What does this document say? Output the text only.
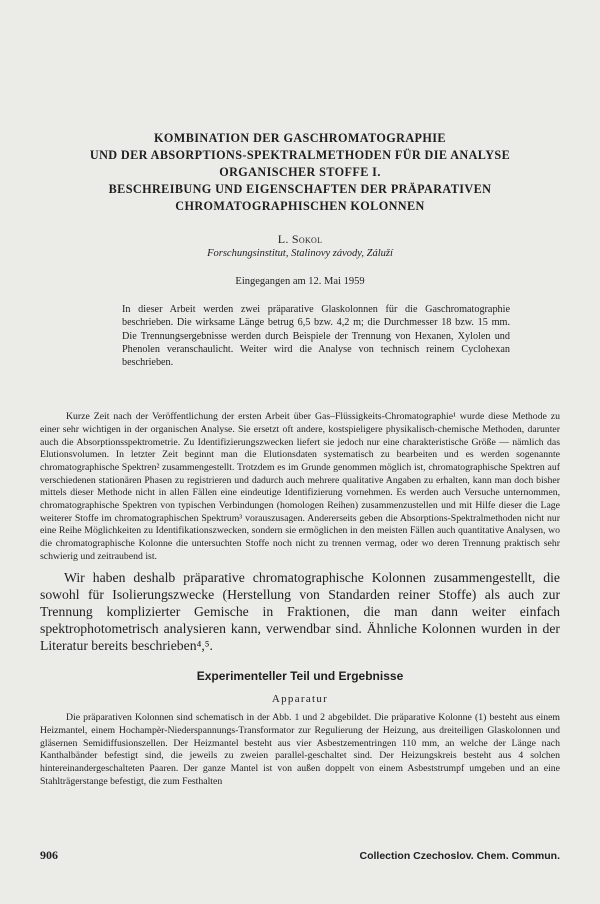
KOMBINATION DER GASCHROMATOGRAPHIE
UND DER ABSORPTIONS-SPEKTRALMETHODEN FÜR DIE ANALYSE
ORGANISCHER STOFFE I.
BESCHREIBUNG UND EIGENSCHAFTEN DER PRÄPARATIVEN
CHROMATOGRAPHISCHEN KOLONNEN
L. Sokol
Forschungsinstitut, Stalinovy závody, Záluží
Eingegangen am 12. Mai 1959

In dieser Arbeit werden zwei präparative Glaskolonnen für die Gaschromatographie beschrieben. Die wirksame Länge betrug 6,5 bzw. 4,2 m; die Durchmesser 18 bzw. 15 mm. Die Trennungsergebnisse werden durch Beispiele der Trennung von Hexanen, Xylolen und Phenolen veranschaulicht. Weiter wird die Analyse von technisch reinem Cyclohexan beschrieben.

Kurze Zeit nach der Veröffentlichung der ersten Arbeit über Gas–Flüssigkeits-Chromatographie¹ wurde diese Methode zu einer sehr wichtigen in der organischen Analyse. Sie ersetzt oft andere, kostspieligere physikalisch-chemische Methoden, darunter auch die Absorptionsspektrometrie. Zu Identifizierungszwecken liefert sie jedoch nur eine charakteristische Größe — nämlich das Elutionsvolumen. In letzter Zeit beginnt man die Elutionsdaten systematisch zu bearbeiten und es werden sogenannte chromatographische Spektren² zusammengestellt. Trotzdem es im Grunde genommen möglich ist, chromatographische Spektren auf verschiedenen stationären Phasen zu registrieren und dadurch auch mehrere qualitative Angaben zu erhalten, kann man doch bisher mittels dieser Methode nicht in allen Fällen eine eindeutige Identifizierung vornehmen. Es werden auch Versuche unternommen, chromatographische Spektren von typischen Verbindungen (homologen Reihen) zusammenzustellen und mit Hilfe dieser die Lage weiterer Stoffe im chromatographischen Spektrum³ vorauszusagen. Andererseits geben die Absorptions-Spektralmethoden nicht nur eine Reihe Möglichkeiten zu Identifikationszwecken, sondern sie ermöglichen in den meisten Fällen auch quantitative Analysen, wo die chromatographische Kolonne die untersuchten Stoffe noch nicht zu trennen vermag, oder wo deren Trennung praktisch sehr schwierig und zeitraubend ist.

Wir haben deshalb präparative chromatographische Kolonnen zusammengestellt, die sowohl für Isolierungszwecke (Herstellung von Standarden reiner Stoffe) als auch zur Trennung komplizierter Gemische in Fraktionen, die man dann weiter einfach spektrophotometrisch analysieren kann, verwendbar sind. Ähnliche Kolonnen wurden in der Literatur bereits beschrieben⁴,⁵.

Experimenteller Teil und Ergebnisse
Apparatur

Die präparativen Kolonnen sind schematisch in der Abb. 1 und 2 abgebildet. Die präparative Kolonne (1) besteht aus einem Heizmantel, einem Hochampèr-Niederspannungs-Transformator zur Regulierung der Heizung, aus dreiteiligen Glaskolonnen und gläsernen Semidiffusionszellen. Der Heizmantel besteht aus vier Asbestzementringen 110 mm, an welche der Länge nach Kanthalbänder befestigt sind, die jeweils zu zweien parallel-geschaltet sind. Der Heizungskreis besteht aus 4 solchen hintereinandergeschalteten Paaren. Der ganze Mantel ist von außen doppelt von einem Asbeststrumpf umgeben und an eine Stahlträgerstange befestigt, die zum Festhalten

906	Collection Czechoslov. Chem. Commun.
